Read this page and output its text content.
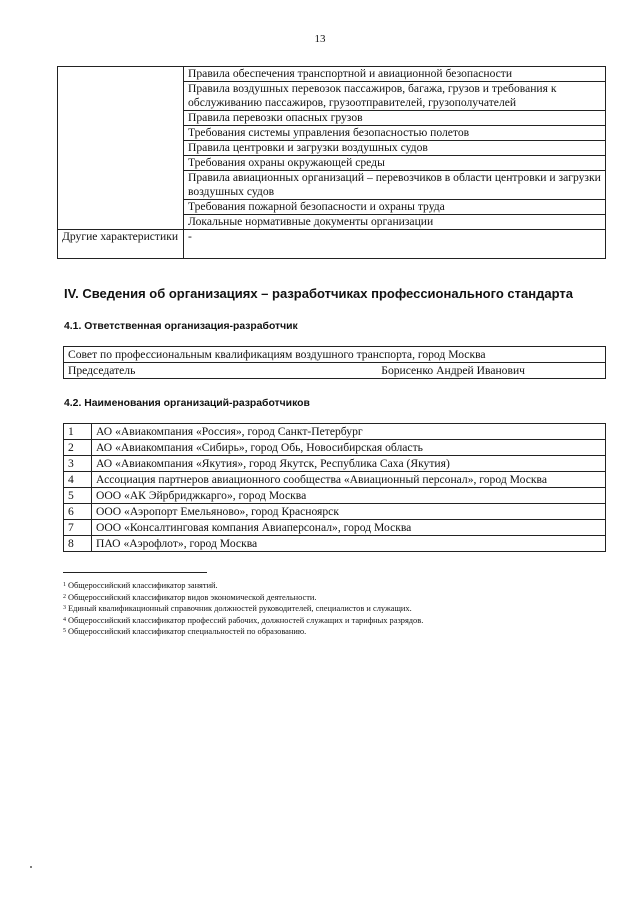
13
	Правила обеспечения транспортной и авиационной безопасности
	Правила воздушных перевозок пассажиров, багажа, грузов и требования к обслуживанию пассажиров, грузоотправителей, грузополучателей
	Правила перевозки опасных грузов
	Требования системы управления безопасностью полетов
	Правила центровки и загрузки воздушных судов
	Требования охраны окружающей среды
	Правила авиационных организаций – перевозчиков в области центровки и загрузки воздушных судов
	Требования пожарной безопасности и охраны труда
	Локальные нормативные документы организации
Другие характеристики	-
IV. Сведения об организациях – разработчиках профессионального стандарта
4.1. Ответственная организация-разработчик
Совет по профессиональным квалификациям воздушного транспорта, город Москва

Председатель	Борисенко Андрей Иванович
4.2. Наименования организаций-разработчиков
1	АО «Авиакомпания «Россия», город Санкт-Петербург
2	АО «Авиакомпания «Сибирь», город Обь, Новосибирская область
3	АО «Авиакомпания «Якутия», город Якутск, Республика Саха (Якутия)
4	Ассоциация партнеров авиационного сообщества «Авиационный персонал», город Москва
5	ООО «АК Эйрбриджкарго», город Москва
6	ООО «Аэропорт Емельяново», город Красноярск
7	ООО «Консалтинговая компания Авиаперсонал», город Москва
8	ПАО «Аэрофлот», город Москва
$^1$ Общероссийский классификатор занятий.
$^2$ Общероссийский классификатор видов экономической деятельности.
$^3$ Единый квалификационный справочник должностей руководителей, специалистов и служащих.
$^4$ Общероссийский классификатор профессий рабочих, должностей служащих и тарифных разрядов.
$^5$ Общероссийский классификатор специальностей по образованию.
